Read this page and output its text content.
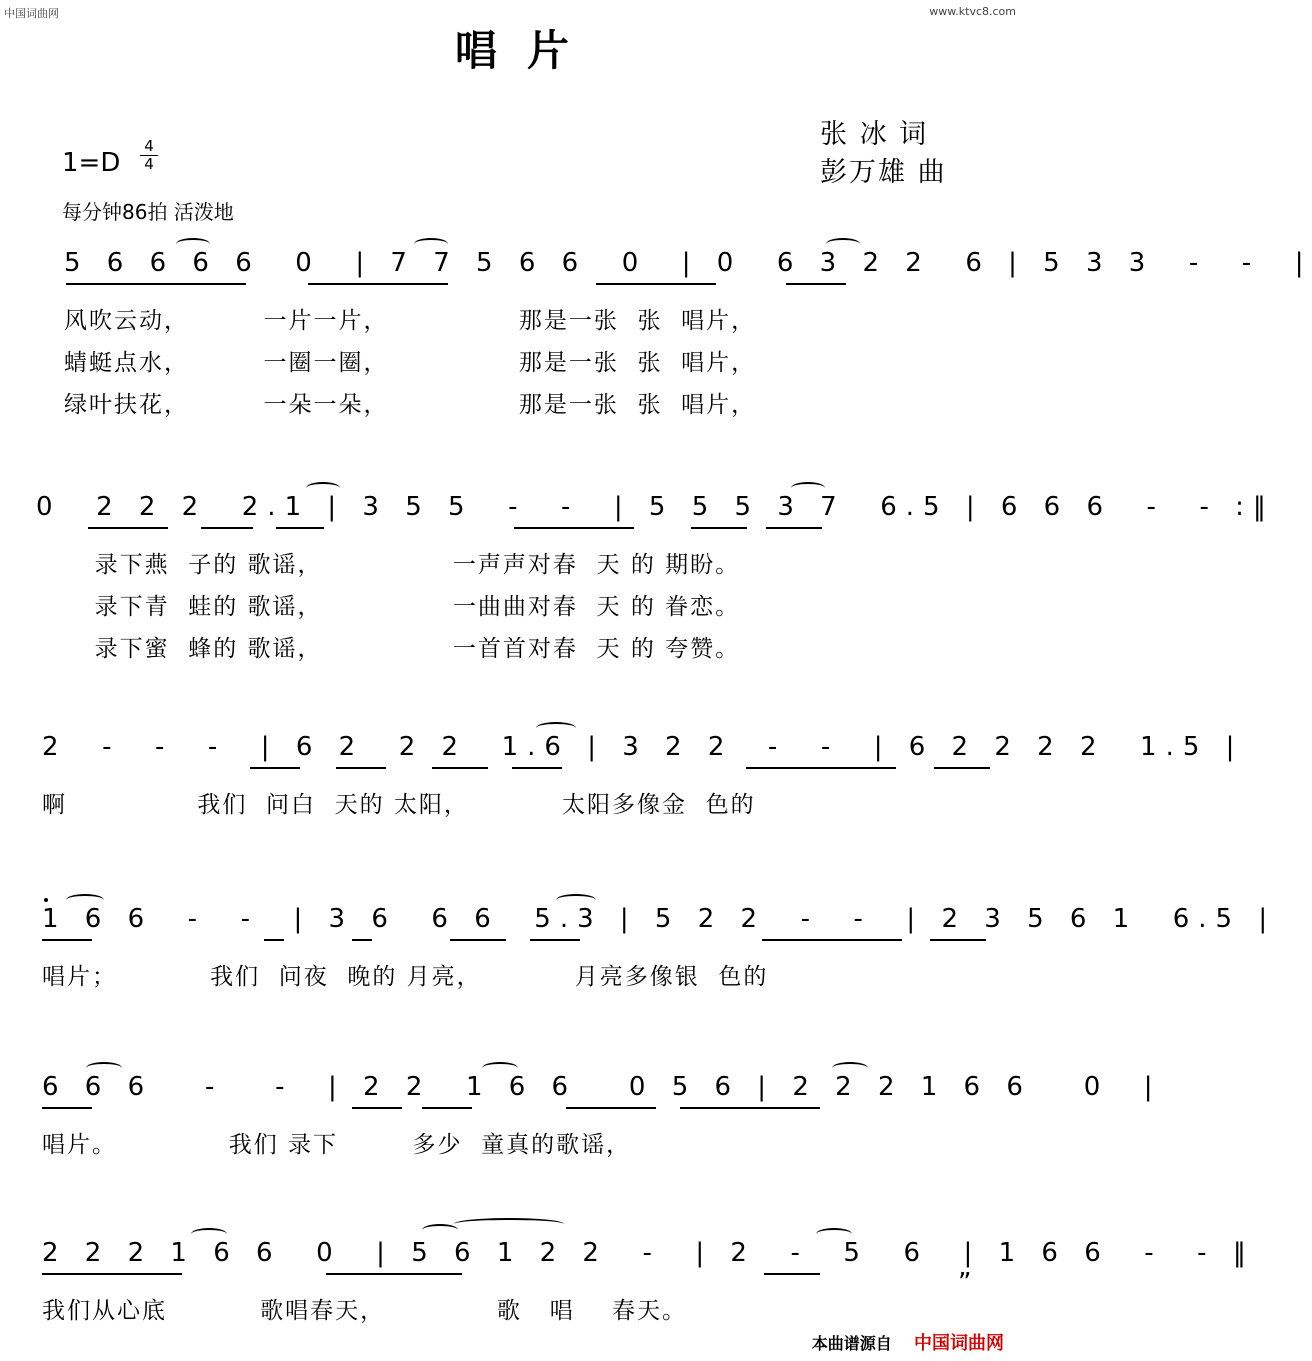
中国词曲网	www.ktvc8.com
唱片
张 冰 词
彭万雄 曲
1=D
4
4
每分钟86拍 活泼地
5 6 6 6 6  0  | 7 7 5 6 6  0  | 0  6 3 2 2  6 | 5 3 3  -  -  |
风吹云动，        一片一片，              那是一张  张  唱片，
蜻蜓点水，        一圈一圈，              那是一张  张  唱片，
绿叶扶花，        一朵一朵，              那是一张  张  唱片，
0  2 2 2  2.1 | 3 5 5  -  -  | 5 5 5 3 7  6.5 | 6 6 6  -  - :‖
录下燕  子的 歌谣，              一声声对春  天 的 期盼。
录下青  蛙的 歌谣，              一曲曲对春  天 的 眷恋。
录下蜜  蜂的 歌谣，              一首首对春  天 的 夸赞。
2  -  -  -  | 6 2  2 2  1.6 | 3 2 2  -  -  | 6 2 2 2 2  1.5 |
啊              我们  问白  天的 太阳，          太阳多像金  色的
1 6 6  -  -  | 3 6  6 6  5.3 | 5 2 2  -  -  | 2 3 5 6 1  6.5 |
唱片；          我们  问夜  晚的 月亮，          月亮多像银  色的
6 6 6   -   -  | 2 2  1 6 6   0 5 6 | 2 2 2 1 6 6   0  |
唱片。            我们 录下        多少  童真的歌谣，
2 2 2 1 6 6  0  | 5 6 1 2 2  -  | 2  -  5  6  | 1 6 6  -  - ‖
我们从心底          歌唱春天，            歌   唱    春天。
”
本曲谱源自 中国词曲网
